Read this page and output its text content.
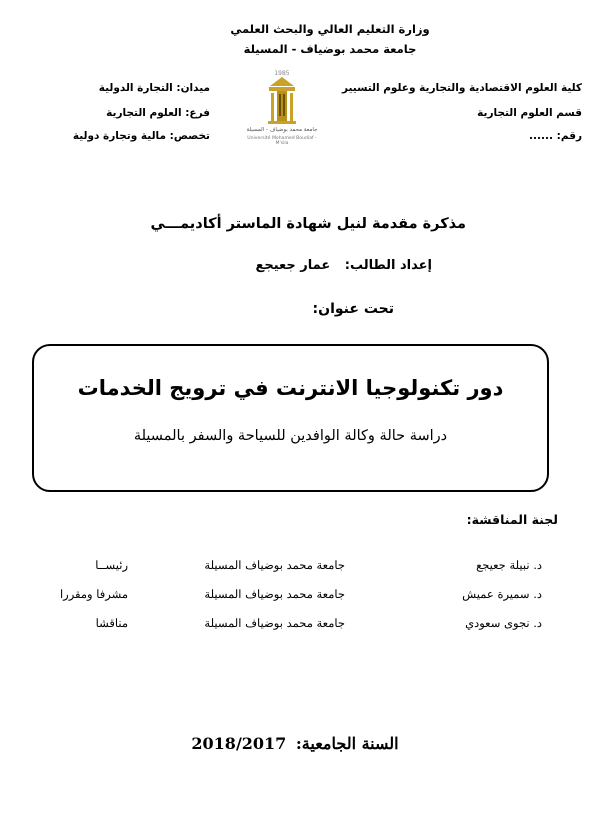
وزارة التعليم العالي والبحث العلمي
جامعة محمد بوضياف - المسيلة
كلية العلوم الاقتصادية والتجارية وعلوم التسيير
قسم العلوم التجارية
رقم: ......
ميدان: التجارة الدولية
فرع: العلوم التجارية
تخصص: مالية وتجارة دولية
1985
جامعة محمد بوضياف - المسيلة
Université Mohamed Boudiaf - M'sila
مذكرة مقدمة لنيل شهادة الماستر أكاديمـــي
إعداد الطالب: عمار جعيجع
تحت عنوان:
دور تكنولوجيا الانترنت في ترويج الخدمات
دراسة حالة وكالة الوافدين للسياحة والسفر بالمسيلة
لجنة المناقشة:
د. نبيلة جعيجع
جامعة محمد بوضياف المسيلة
رئيســا
د. سميرة عميش
جامعة محمد بوضياف المسيلة
مشرفا ومقررا
د. نجوى سعودي
جامعة محمد بوضياف المسيلة
مناقشا
السنة الجامعية: 2018/2017
